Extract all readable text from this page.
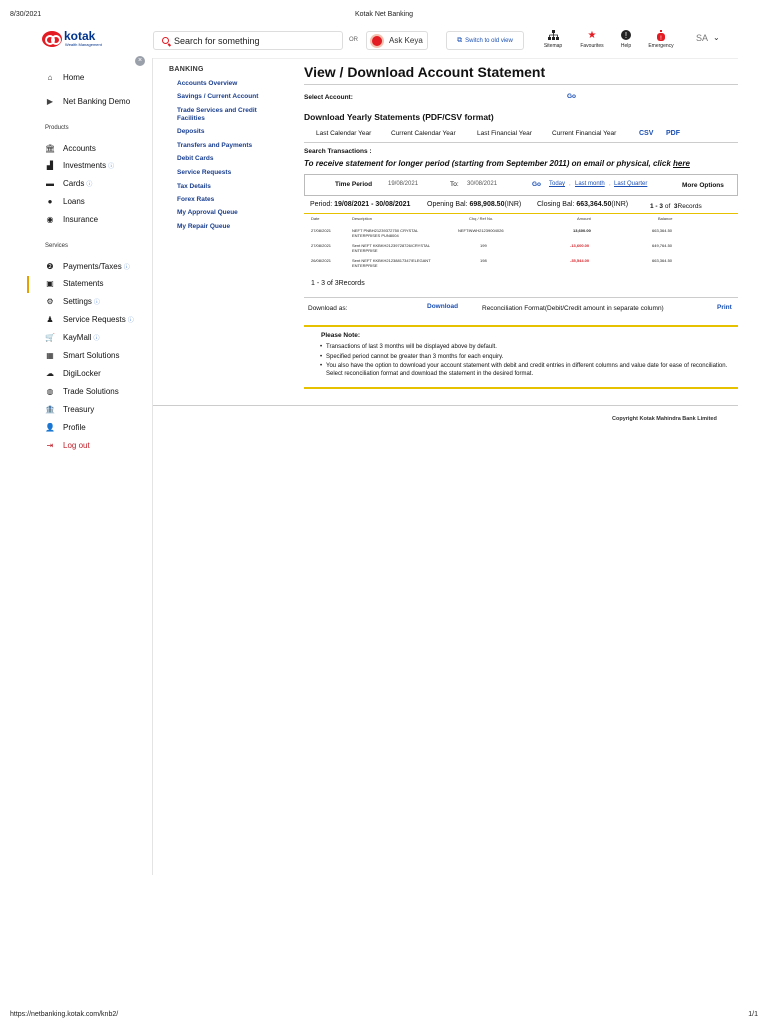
8/30/2021	Kotak Net Banking
https://netbanking.kotak.com/knb2/	1/1
kotak
Wealth Management	Search for something	OR	Ask Keya	⧉ Switch to old view
Sitemap
★
Favourites
!
Help
!
Emergency
SA ⌄
×
⌂	Home
▶ Net Banking Demo
Products
🏛 Accounts
▟ Investments ⓘ
▬ Cards ⓘ
●	Loans
◉ Insurance
Services
❷ Payments/Taxes ⓘ
▣ Statements
⚙ Settings ⓘ
♟ Service Requests ⓘ
🛒 KayMall ⓘ
▦ Smart Solutions
☁ DigiLocker
◍ Trade Solutions
🏦 Treasury
👤 Profile
⇥ Log out
BANKING
Accounts Overview
Savings / Current Account
Trade Services and Credit Facilities
Deposits
Transfers and Payments
Debit Cards
Service Requests
Tax Details
Forex Rates
My Approval Queue
My Repair Queue
View / Download Account Statement
Select Account:	Go
Download Yearly Statements (PDF/CSV format)
Last Calendar Year	Current Calendar Year	Last Financial Year	Current Financial Year	CSV PDF
Search Transactions :
To receive statement for longer period (starting from September 2011) on email or physical, click here
Time Period	19/08/2021	To: 30/08/2021	Go Today , Last month , Last Quarter	More Options
Period: 19/08/2021 - 30/08/2021 Opening Bal: 698,908.50(INR) Closing Bal: 663,364.50(INR)	1 - 3 of 3Records
Date	Description	Chq / Ref No.	Amount	Balance
27/08/2021	NEFT PNBH21239372750 CRYSTAL ENTERPRISES PUN8004
NEFTINWH21239004026	13,600.00	663,364.50
27/08/2021	Sent NEFT KKBKH21239728726/CRYSTAL ENTERPRISE
199	-13,600.00	649,764.50
26/08/2021	Sent NEFT KKBKH21238817347/ELEGANT ENTERPRISE
198	-35,544.00	663,364.50
1 - 3 of 3Records
Download as:	Download	Reconciliation Format(Debit/Credit amount in separate column)	Print
Please Note:
• Transactions of last 3 months will be displayed above by default.
• Specified period cannot be greater than 3 months for each enquiry.
• You also have the option to download your account statement with debit and credit entries in different columns and value date for ease of reconciliation. Select reconciliation format and download the statement in the desired format.
Copyright Kotak Mahindra Bank Limited
